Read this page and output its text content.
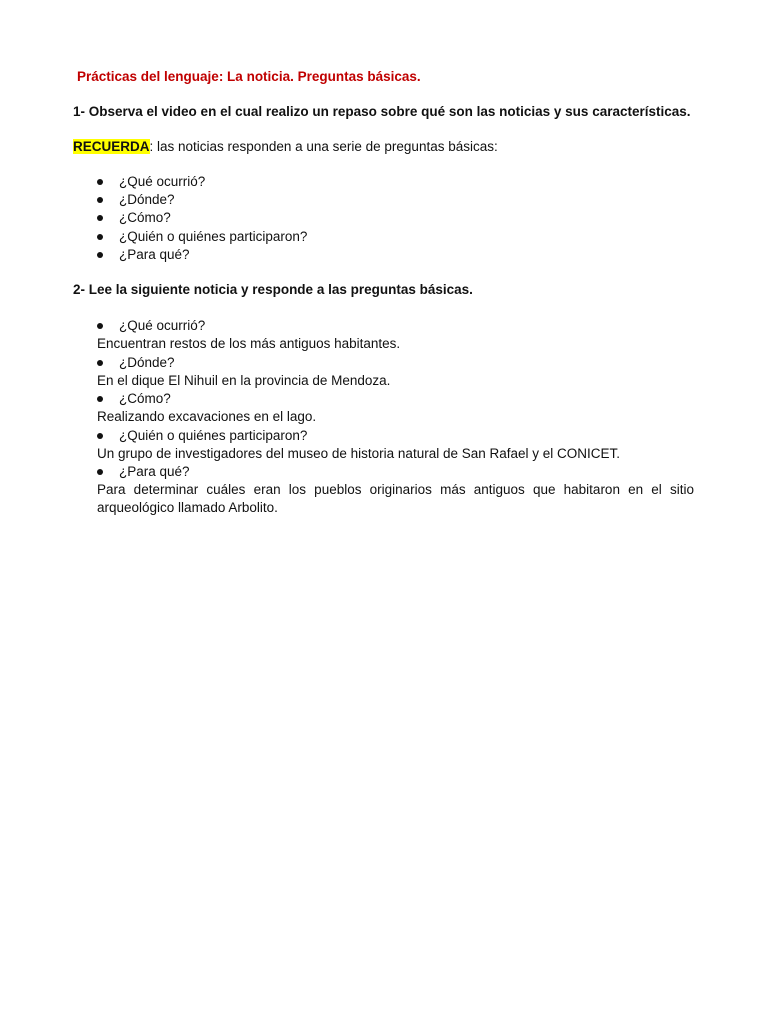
Prácticas del lenguaje: La noticia. Preguntas básicas.
1- Observa el video en el cual realizo un repaso sobre qué son las noticias y sus características.
RECUERDA: las noticias responden a una serie de preguntas básicas:
¿Qué ocurrió?
¿Dónde?
¿Cómo?
¿Quién o quiénes participaron?
¿Para qué?
2- Lee la siguiente noticia y responde a las preguntas básicas.
¿Qué ocurrió?
Encuentran restos de los más antiguos habitantes.
¿Dónde?
En el dique El Nihuil en la provincia de Mendoza.
¿Cómo?
Realizando excavaciones en el lago.
¿Quién o quiénes participaron?
Un grupo de investigadores del museo de historia natural de San Rafael y el CONICET.
¿Para qué?
Para determinar cuáles eran los pueblos originarios más antiguos que habitaron en el sitio arqueológico llamado Arbolito.
